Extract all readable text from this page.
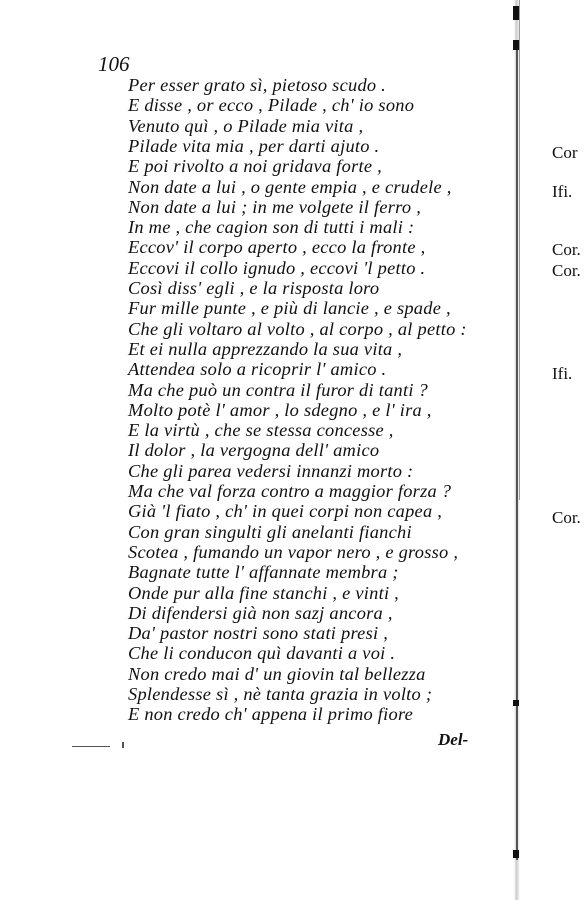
106
Per esser grato sì, pietoso scudo .
E disse , or ecco , Pilade , ch' io sono
Venuto quì , o Pilade mia vita ,
Pilade vita mia , per darti ajuto .
E poi rivolto a noi gridava forte ,
Non date a lui , o gente empia , e crudele ,
Non date a lui ; in me volgete il ferro ,
In me , che cagion son di tutti i mali :
Eccov' il corpo aperto , ecco la fronte ,
Eccovi il collo ignudo , eccovi 'l petto .
Così diss' egli , e la risposta loro
Fur mille punte , e più di lancie , e spade ,
Che gli voltaro al volto , al corpo , al petto :
Et ei nulla apprezzando la sua vita ,
Attendea solo a ricoprir l' amico .
Ma che può un contra il furor di tanti ?
Molto potè l' amor , lo sdegno , e l' ira ,
E la virtù , che se stessa concesse ,
Il dolor , la vergogna dell' amico
Che gli parea vedersi innanzi morto :
Ma che val forza contro a maggior forza ?
Già 'l fiato , ch' in quei corpi non capea ,
Con gran singulti gli anelanti fianchi
Scotea , fumando un vapor nero , e grosso ,
Bagnate tutte l' affannate membra ;
Onde pur alla fine stanchi , e vinti ,
Di difendersi già non sazj ancora ,
Da' pastor nostri sono stati presi ,
Che li conducon quì davanti a voi .
Non credo mai d' un giovin tal bellezza
Splendesse sì , nè tanta grazia in volto ;
E non credo ch' appena il primo fiore
Del-
Cor
Ifi.
Cor.
Cor.
Ifi.
Cor.
